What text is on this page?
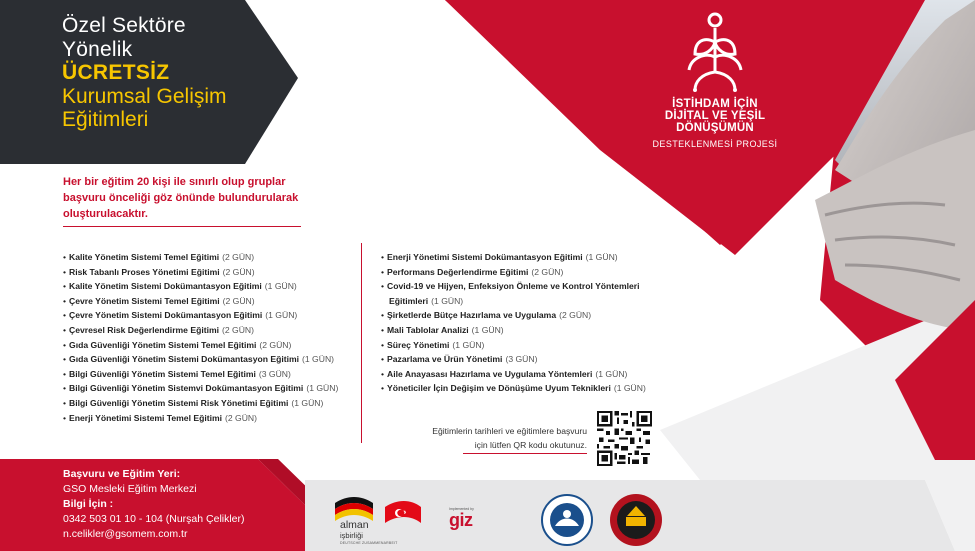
Özel Sektöre
Yönelik
ÜCRETSİZ
Kurumsal Gelişim
Eğitimleri
İSTİHDAM İÇİN
DİJİTAL VE YEŞİL DÖNÜŞÜMÜN
DESTEKLENMESİ PROJESİ
Her bir eğitim 20 kişi ile sınırlı olup gruplar
başvuru önceliği göz önünde bulundurularak
oluşturulacaktır.
• Kalite Yönetim Sistemi Temel Eğitimi (2 GÜN)
• Risk Tabanlı Proses Yönetimi Eğitimi (2 GÜN)
• Kalite Yönetim Sistemi Dokümantasyon Eğitimi (1 GÜN)
• Çevre Yönetim Sistemi Temel Eğitimi (2 GÜN)
• Çevre Yönetim Sistemi Dokümantasyon Eğitimi (1 GÜN)
• Çevresel Risk Değerlendirme Eğitimi (2 GÜN)
• Gıda Güvenliği Yönetim Sistemi Temel Eğitimi (2 GÜN)
• Gıda Güvenliği Yönetim Sistemi Dokümantasyon Eğitimi (1 GÜN)
• Bilgi Güvenliği Yönetim Sistemi Temel Eğitimi (3 GÜN)
• Bilgi Güvenliği Yönetim Sistemvi Dokümantasyon Eğitimi (1 GÜN)
• Bilgi Güvenliği Yönetim Sistemi Risk Yönetimi Eğitimi (1 GÜN)
• Enerji Yönetimi Sistemi Temel Eğitimi (2 GÜN)
• Enerji Yönetimi Sistemi Dokümantasyon Eğitimi (1 GÜN)
• Performans Değerlendirme Eğitimi (2 GÜN)
• Covid-19 ve Hijyen, Enfeksiyon Önleme ve Kontrol Yöntemleri
Eğitimleri (1 GÜN)
• Şirketlerde Bütçe Hazırlama ve Uygulama (2 GÜN)
• Mali Tablolar Analizi (1 GÜN)
• Süreç Yönetimi (1 GÜN)
• Pazarlama ve Ürün Yönetimi (3 GÜN)
• Aile Anayasası Hazırlama ve Uygulama Yöntemleri (1 GÜN)
• Yöneticiler İçin Değişim ve Dönüşüme Uyum Teknikleri (1 GÜN)
Eğitimlerin tarihleri ve eğitimlere başvuru
için lütfen QR kodu okutunuz.
Başvuru ve Eğitim Yeri:
GSO Mesleki Eğitim Merkezi
Bilgi İçin :
0342 503 01 10 - 104 (Nurşah Çelikler)
n.celikler@gsomem.com.tr
alman
işbirliği
DEUTSCHE ZUSAMMENARBEIT
Implemented by
giz
